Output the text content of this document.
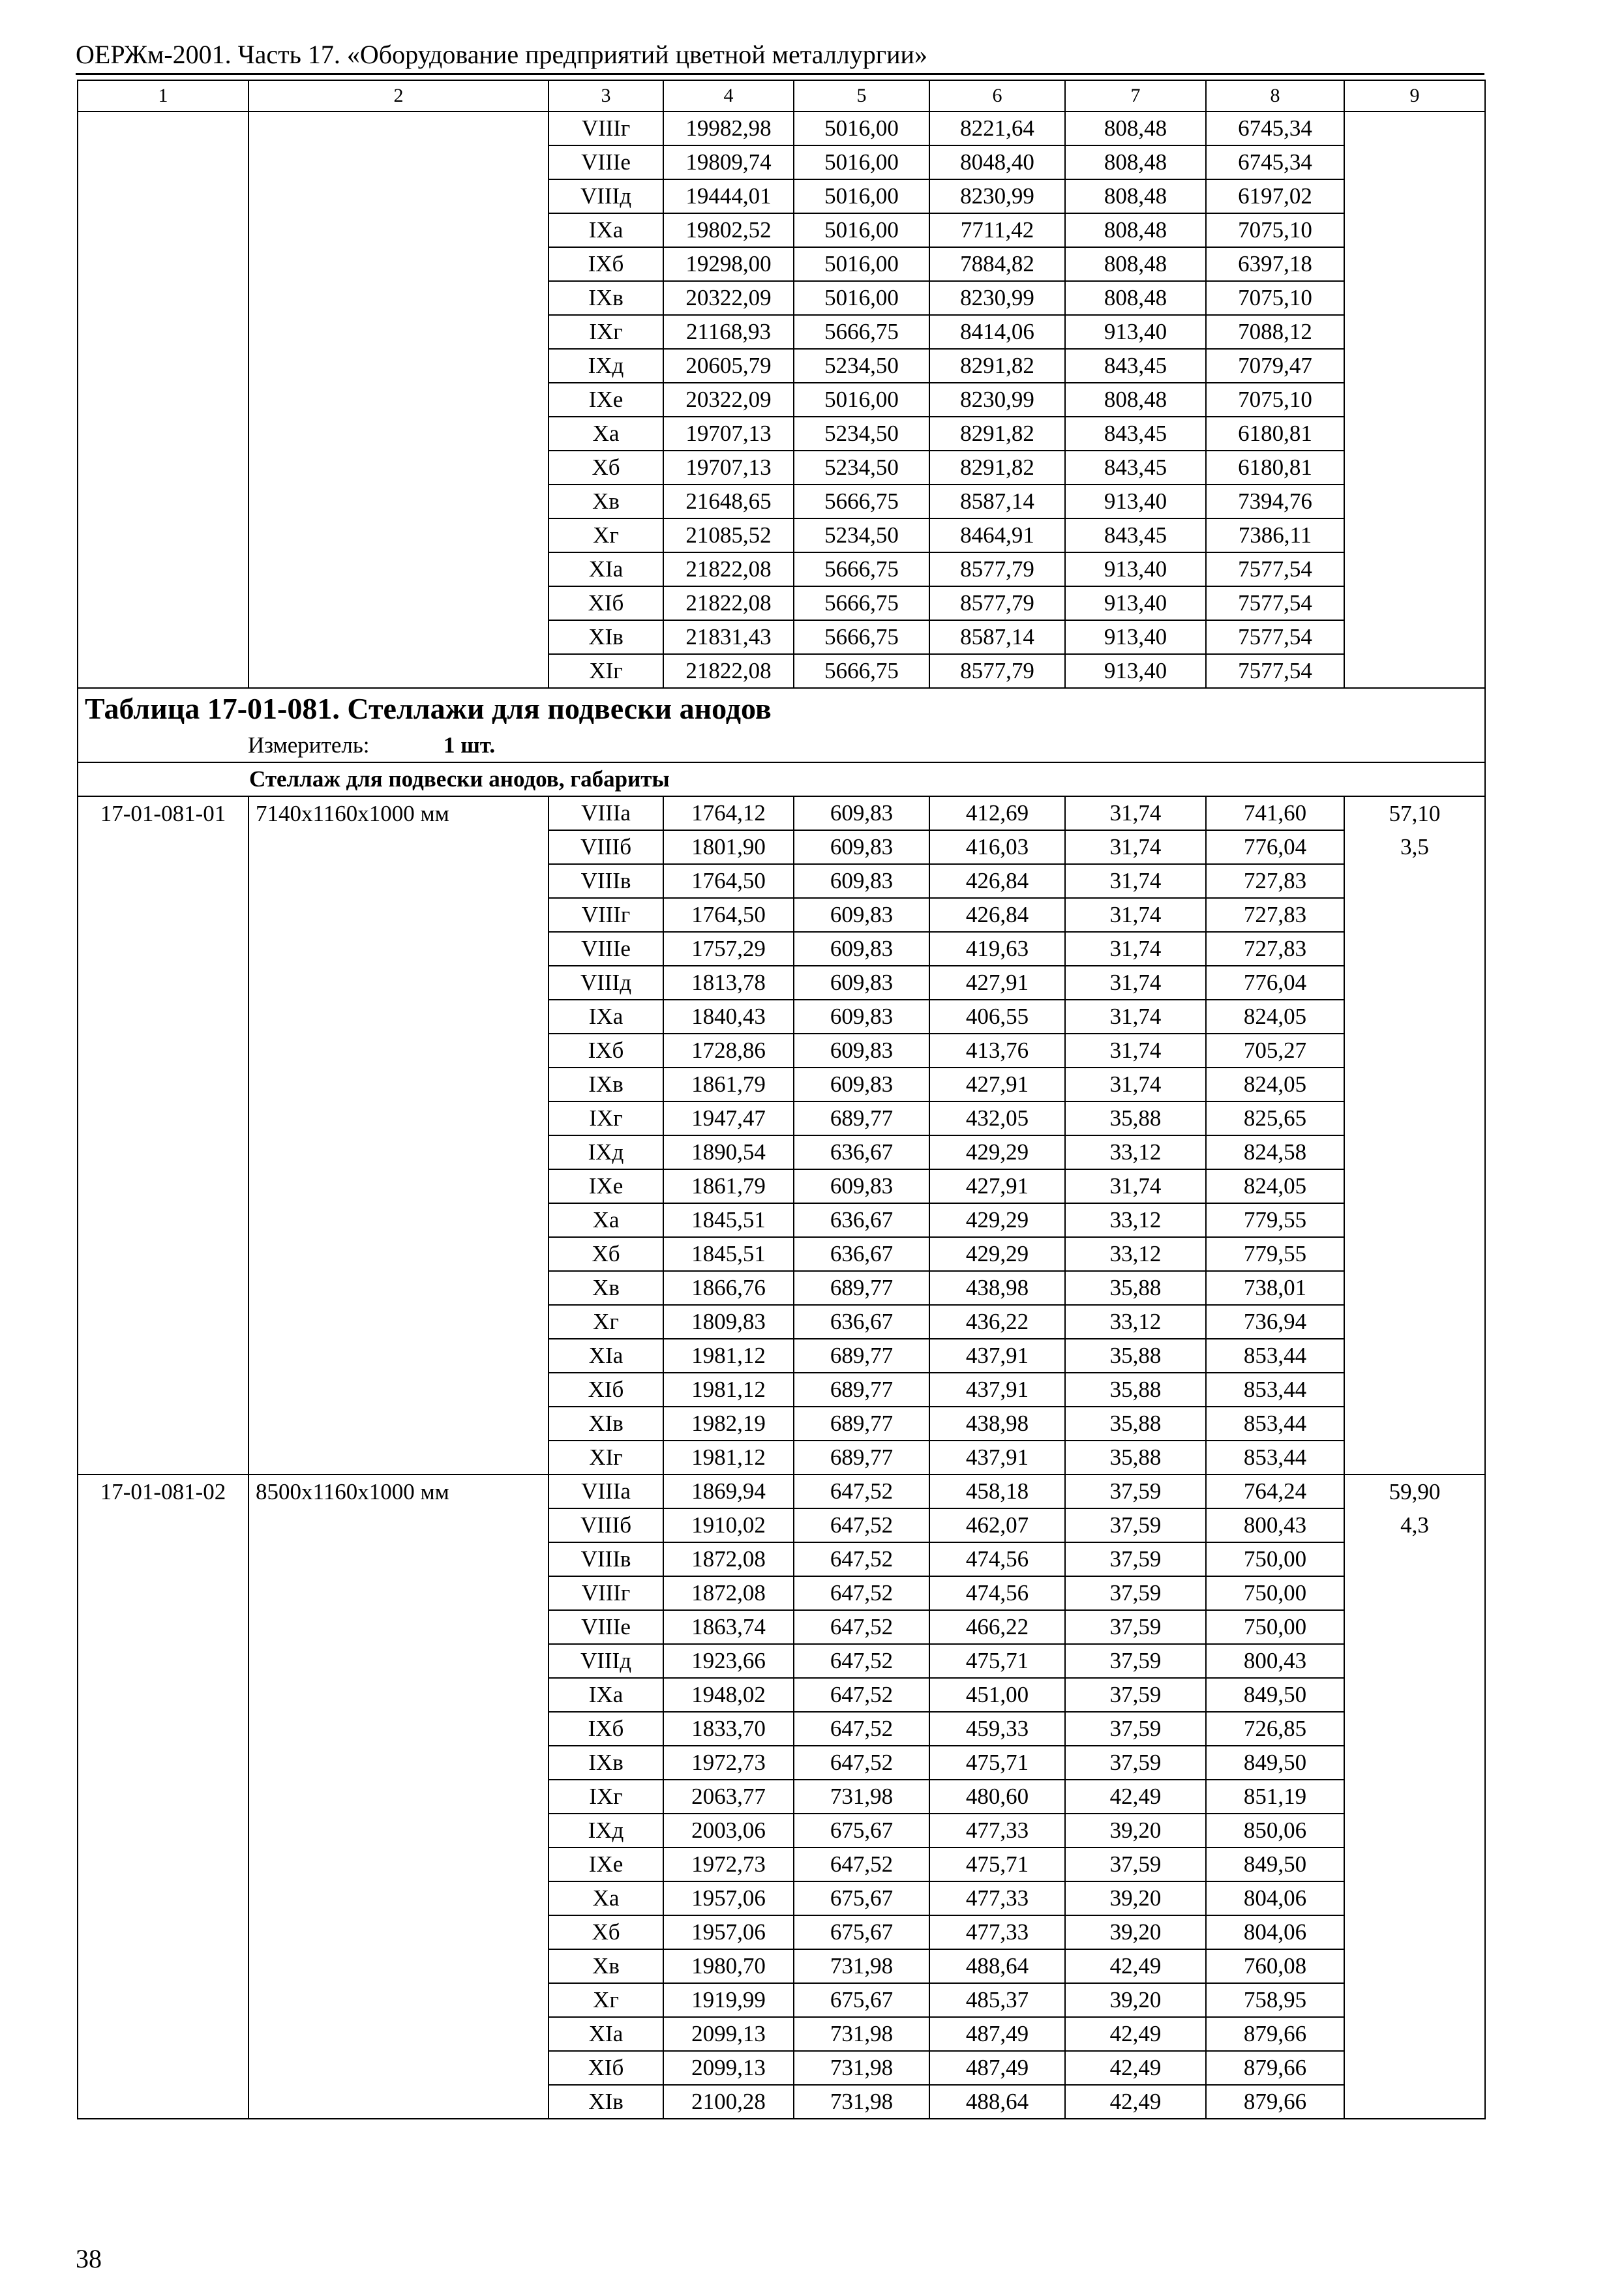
ОЕРЖм-2001. Часть 17. «Оборудование предприятий цветной металлургии»
1	2	3	4	5	6	7	8	9
		VIIIг	19982,98	5016,00	8221,64	808,48	6745,34	
		VIIIе	19809,74	5016,00	8048,40	808,48	6745,34	
		VIIIд	19444,01	5016,00	8230,99	808,48	6197,02	
		IXа	19802,52	5016,00	7711,42	808,48	7075,10	
		IXб	19298,00	5016,00	7884,82	808,48	6397,18	
		IXв	20322,09	5016,00	8230,99	808,48	7075,10	
		IXг	21168,93	5666,75	8414,06	913,40	7088,12	
		IXд	20605,79	5234,50	8291,82	843,45	7079,47	
		IXе	20322,09	5016,00	8230,99	808,48	7075,10	
		Xа	19707,13	5234,50	8291,82	843,45	6180,81	
		Xб	19707,13	5234,50	8291,82	843,45	6180,81	
		Xв	21648,65	5666,75	8587,14	913,40	7394,76	
		Xг	21085,52	5234,50	8464,91	843,45	7386,11	
		XIа	21822,08	5666,75	8577,79	913,40	7577,54	
		XIб	21822,08	5666,75	8577,79	913,40	7577,54	
		XIв	21831,43	5666,75	8587,14	913,40	7577,54	
		XIг	21822,08	5666,75	8577,79	913,40	7577,54	
Таблица 17-01-081. Стеллажи для подвески анодов								
Измеритель: 1 шт.								
Стеллаж для подвески анодов, габариты								
17-01-081-01	7140x1160x1000 мм	VIIIа	1764,12	609,83	412,69	31,74	741,60	57,10
		VIIIб	1801,90	609,83	416,03	31,74	776,04	3,5
		VIIIв	1764,50	609,83	426,84	31,74	727,83	
		VIIIг	1764,50	609,83	426,84	31,74	727,83	
		VIIIе	1757,29	609,83	419,63	31,74	727,83	
		VIIIд	1813,78	609,83	427,91	31,74	776,04	
		IXа	1840,43	609,83	406,55	31,74	824,05	
		IXб	1728,86	609,83	413,76	31,74	705,27	
		IXв	1861,79	609,83	427,91	31,74	824,05	
		IXг	1947,47	689,77	432,05	35,88	825,65	
		IXд	1890,54	636,67	429,29	33,12	824,58	
		IXе	1861,79	609,83	427,91	31,74	824,05	
		Xа	1845,51	636,67	429,29	33,12	779,55	
		Xб	1845,51	636,67	429,29	33,12	779,55	
		Xв	1866,76	689,77	438,98	35,88	738,01	
		Xг	1809,83	636,67	436,22	33,12	736,94	
		XIа	1981,12	689,77	437,91	35,88	853,44	
		XIб	1981,12	689,77	437,91	35,88	853,44	
		XIв	1982,19	689,77	438,98	35,88	853,44	
		XIг	1981,12	689,77	437,91	35,88	853,44	
17-01-081-02	8500x1160x1000 мм	VIIIа	1869,94	647,52	458,18	37,59	764,24	59,90
		VIIIб	1910,02	647,52	462,07	37,59	800,43	4,3
		VIIIв	1872,08	647,52	474,56	37,59	750,00	
		VIIIг	1872,08	647,52	474,56	37,59	750,00	
		VIIIе	1863,74	647,52	466,22	37,59	750,00	
		VIIIд	1923,66	647,52	475,71	37,59	800,43	
		IXа	1948,02	647,52	451,00	37,59	849,50	
		IXб	1833,70	647,52	459,33	37,59	726,85	
		IXв	1972,73	647,52	475,71	37,59	849,50	
		IXг	2063,77	731,98	480,60	42,49	851,19	
		IXд	2003,06	675,67	477,33	39,20	850,06	
		IXе	1972,73	647,52	475,71	37,59	849,50	
		Xа	1957,06	675,67	477,33	39,20	804,06	
		Xб	1957,06	675,67	477,33	39,20	804,06	
		Xв	1980,70	731,98	488,64	42,49	760,08	
		Xг	1919,99	675,67	485,37	39,20	758,95	
		XIа	2099,13	731,98	487,49	42,49	879,66	
		XIб	2099,13	731,98	487,49	42,49	879,66	
		XIв	2100,28	731,98	488,64	42,49	879,66	
38
